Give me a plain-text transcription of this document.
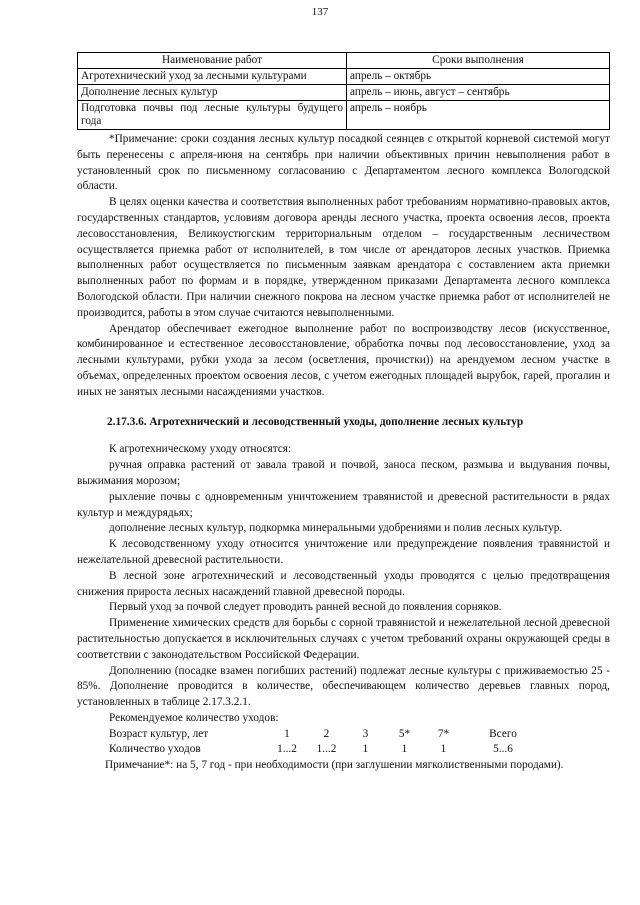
137
Наименование работ	Сроки выполнения
Агротехнический уход за лесными культурами	апрель – октябрь
Дополнение лесных культур	апрель – июнь, август – сентябрь
Подготовка почвы под лесные культуры будущего года	апрель – ноябрь

*Примечание: сроки создания лесных культур посадкой сеянцев с открытой корневой системой могут быть перенесены с апреля-июня на сентябрь при наличии объективных причин невыполнения работ в установленный срок по письменному согласованию с Департаментом лесного комплекса Вологодской области.

В целях оценки качества и соответствия выполненных работ требованиям нормативно-правовых актов, государственных стандартов, условиям договора аренды лесного участка, проекта освоения лесов, проекта лесовосстановления, Великоустюгским территориальным отделом – государственным лесничеством осуществляется приемка работ от исполнителей, в том числе от арендаторов лесных участков. Приемка выполненных работ осуществляется по письменным заявкам арендатора с составлением акта приемки выполненных работ по формам и в порядке, утвержденном приказами Департамента лесного комплекса Вологодской области. При наличии снежного покрова на лесном участке приемка работ от исполнителей не производится, работы в этом случае считаются невыполненными.

Арендатор обеспечивает ежегодное выполнение работ по воспроизводству лесов (искусственное, комбинированное и естественное лесовосстановление, обработка почвы под лесовосстановление, уход за лесными культурами, рубки ухода за лесом (осветления, прочистки)) на арендуемом лесном участке в объемах, определенных проектом освоения лесов, с учетом ежегодных площадей вырубок, гарей, прогалин и иных не занятых лесными насаждениями участков.

2.17.3.6. Агротехнический и лесоводственный уходы, дополнение лесных культур

К агротехническому уходу относятся:

ручная оправка растений от завала травой и почвой, заноса песком, размыва и выдувания почвы, выжимания морозом;

рыхление почвы с одновременным уничтожением травянистой и древесной растительности в рядах культур и междурядьях;

дополнение лесных культур, подкормка минеральными удобрениями и полив лесных культур.

К лесоводственному уходу относится уничтожение или предупреждение появления травянистой и нежелательной древесной растительности.

В лесной зоне агротехнический и лесоводственный уходы проводятся с целью предотвращения снижения прироста лесных насаждений главной древесной породы.

Первый уход за почвой следует проводить ранней весной до появления сорняков.

Применение химических средств для борьбы с сорной травянистой и нежелательной лесной древесной растительностью допускается в исключительных случаях с учетом требований охраны окружающей среды в соответствии с законодательством Российской Федерации.

Дополнению (посадке взамен погибших растений) подлежат лесные культуры с приживаемостью 25 - 85%. Дополнение проводится в количестве, обеспечивающем количество деревьев главных пород, установленных в таблице 2.17.3.2.1.

Рекомендуемое количество уходов:

Возраст культур, лет	1	2	3	5*	7*	Всего
Количество уходов	1...2	1...2	1	1	1	5...6

Примечание*: на 5, 7 год - при необходимости (при заглушении мягколиственными породами).
